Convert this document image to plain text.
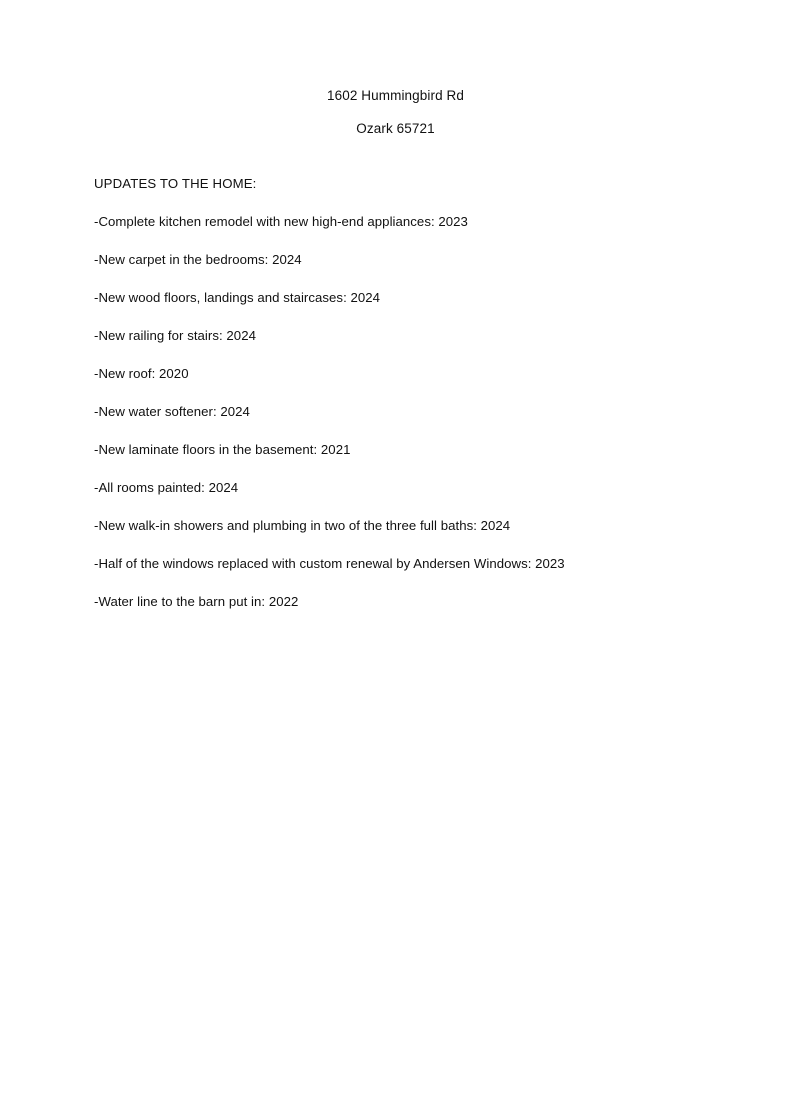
1602 Hummingbird Rd
Ozark 65721
UPDATES TO THE HOME:
-Complete kitchen remodel with new high-end appliances: 2023
-New carpet in the bedrooms: 2024
-New wood floors, landings and staircases: 2024
-New railing for stairs: 2024
-New roof: 2020
-New water softener: 2024
-New laminate floors in the basement: 2021
-All rooms painted: 2024
-New walk-in showers and plumbing in two of the three full baths: 2024
-Half of the windows replaced with custom renewal by Andersen Windows: 2023
-Water line to the barn put in: 2022
